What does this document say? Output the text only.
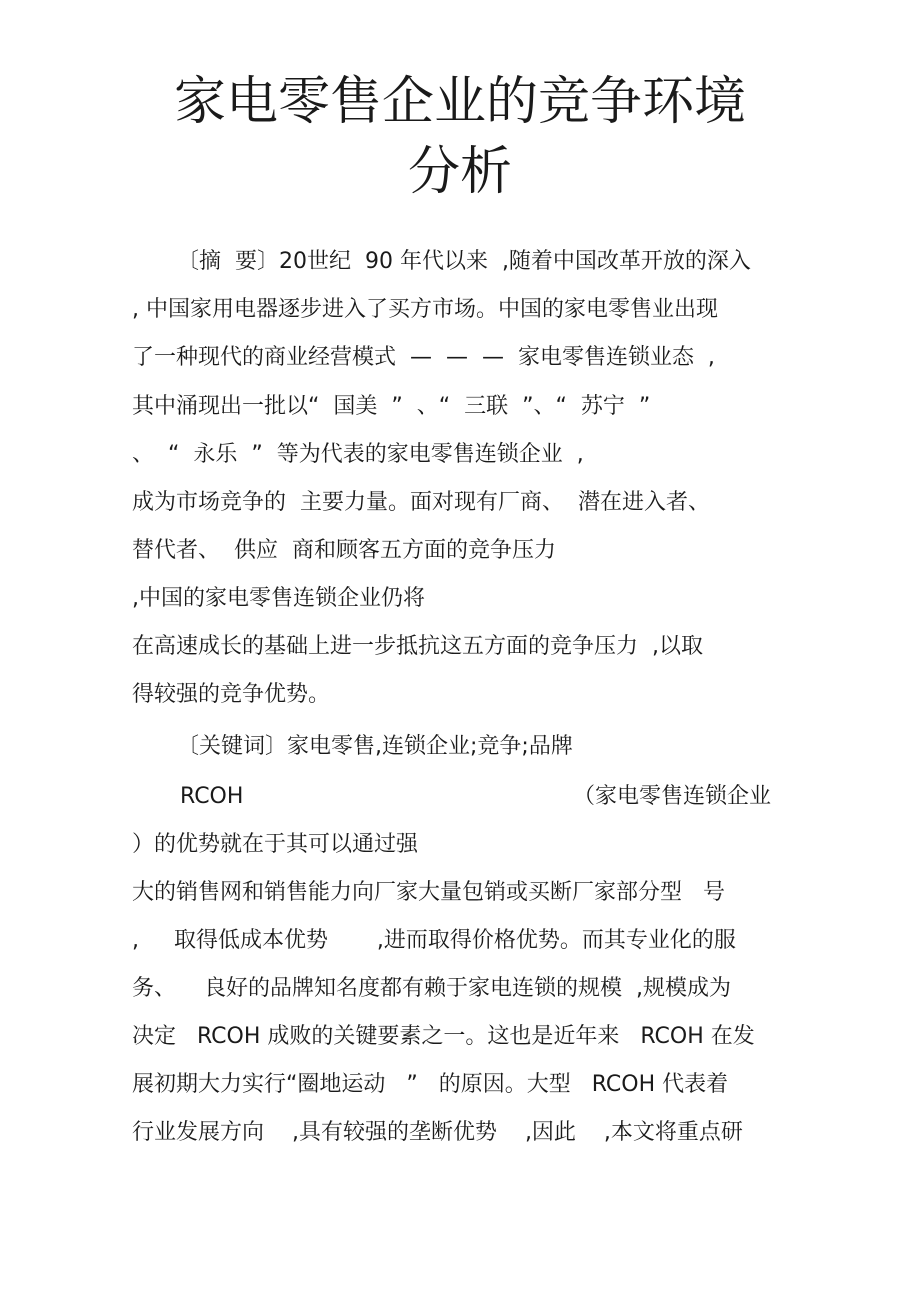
家电零售企业的竞争环境
分析

〔摘  要〕20世纪  90 年代以来  ,随着中国改革开放的深入

, 中国家用电器逐步进入了买方市场。中国的家电零售业出现

了一种现代的商业经营模式  —  —  —  家电零售连锁业态  ,

其中涌现出一批以“  国美  ”  、“  三联  ”、“  苏宁  ”

、  “  永乐  ”  等为代表的家电零售连锁企业  ,

成为市场竞争的  主要力量。面对现有厂商、  潜在进入者、

替代者、  供应  商和顾客五方面的竞争压力

,中国的家电零售连锁企业仍将

在高速成长的基础上进一步抵抗这五方面的竞争压力  ,以取

得较强的竞争优势。

〔关键词〕家电零售,连锁企业;竞争;品牌

RCOH	（家电零售连锁企业

）的优势就在于其可以通过强

大的销售网和销售能力向厂家大量包销或买断厂家部分型   号

,     取得低成本优势       ,进而取得价格优势。而其专业化的服

务、    良好的品牌知名度都有赖于家电连锁的规模  ,规模成为

决定   RCOH 成败的关键要素之一。这也是近年来   RCOH 在发

展初期大力实行“圈地运动   ”   的原因。大型   RCOH 代表着

行业发展方向    ,具有较强的垄断优势    ,因此    ,本文将重点研
